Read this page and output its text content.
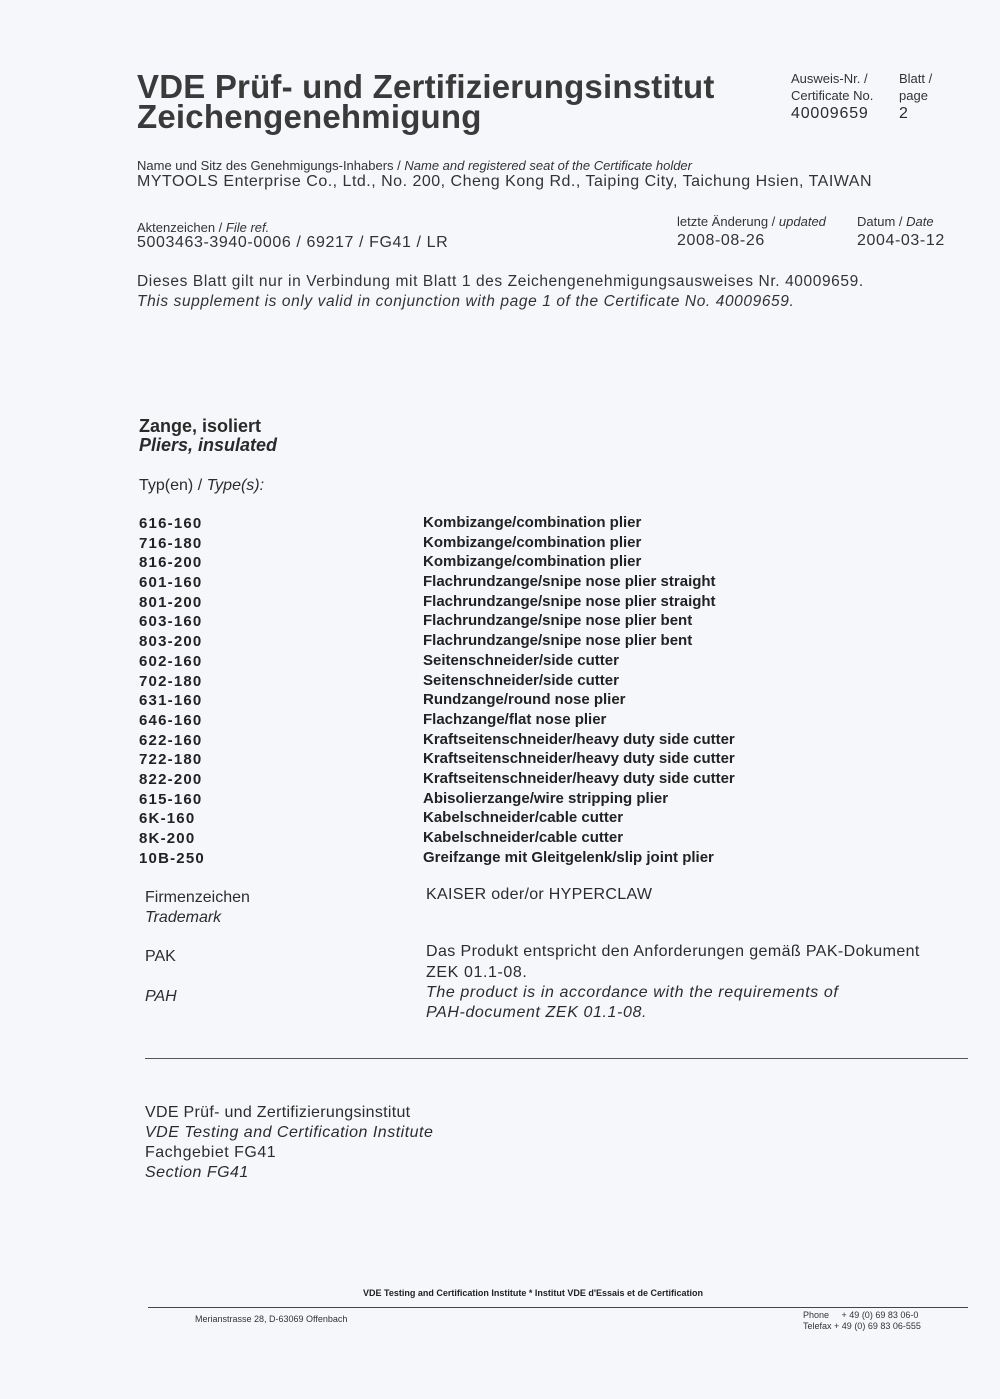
VDE Prüf- und Zertifizierungsinstitut
Zeichengenehmigung
Ausweis-Nr. /
Certificate No.
40009659
Blatt /
page
2
Name und Sitz des Genehmigungs-Inhabers / Name and registered seat of the Certificate holder
MYTOOLS Enterprise Co., Ltd., No. 200, Cheng Kong Rd., Taiping City, Taichung Hsien, TAIWAN
Aktenzeichen / File ref.
5003463-3940-0006 / 69217 / FG41 / LR
letzte Änderung / updated
2008-08-26
Datum / Date
2004-03-12
Dieses Blatt gilt nur in Verbindung mit Blatt 1 des Zeichengenehmigungsausweises Nr. 40009659.
This supplement is only valid in conjunction with page 1 of the Certificate No. 40009659.
Zange, isoliert
Pliers, insulated
Typ(en) / Type(s):
616-160
716-180
816-200
601-160
801-200
603-160
803-200
602-160
702-180
631-160
646-160
622-160
722-180
822-200
615-160
6K-160
8K-200
10B-250
Kombizange/combination plier
Kombizange/combination plier
Kombizange/combination plier
Flachrundzange/snipe nose plier straight
Flachrundzange/snipe nose plier straight
Flachrundzange/snipe nose plier bent
Flachrundzange/snipe nose plier bent
Seitenschneider/side cutter
Seitenschneider/side cutter
Rundzange/round nose plier
Flachzange/flat nose plier
Kraftseitenschneider/heavy duty side cutter
Kraftseitenschneider/heavy duty side cutter
Kraftseitenschneider/heavy duty side cutter
Abisolierzange/wire stripping plier
Kabelschneider/cable cutter
Kabelschneider/cable cutter
Greifzange mit Gleitgelenk/slip joint plier
Firmenzeichen
Trademark
KAISER oder/or HYPERCLAW
PAK
PAH
Das Produkt entspricht den Anforderungen gemäß PAK-Dokument
ZEK 01.1-08.
The product is in accordance with the requirements of
PAH-document ZEK 01.1-08.
VDE Prüf- und Zertifizierungsinstitut
VDE Testing and Certification Institute
Fachgebiet FG41
Section FG41
VDE Testing and Certification Institute * Institut VDE d'Essais et de Certification
Merianstrasse 28, D-63069 Offenbach	Phone + 49 (0) 69 83 06-0
Telefax + 49 (0) 69 83 06-555
